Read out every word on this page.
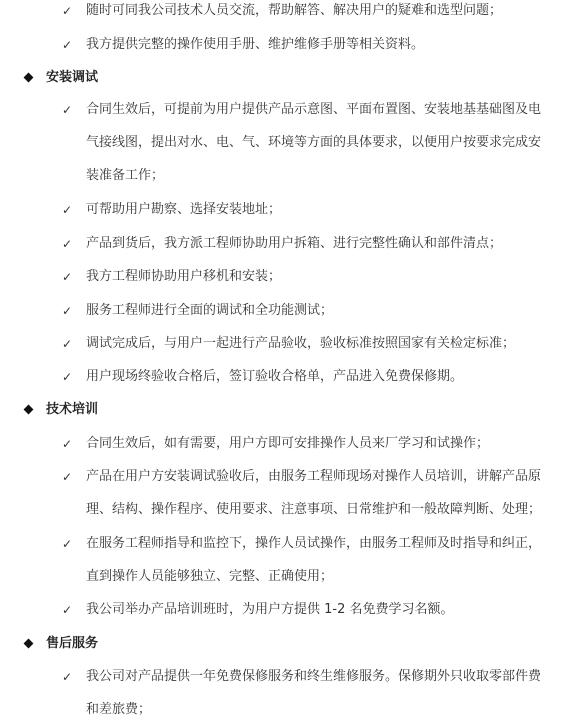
✓ 随时可同我公司技术人员交流，帮助解答、解决用户的疑难和选型问题；
✓ 我方提供完整的操作使用手册、维护维修手册等相关资料。
安装调试
✓ 合同生效后，可提前为用户提供产品示意图、平面布置图、安装地基基础图及电
气接线图，提出对水、电、气、环境等方面的具体要求，以便用户按要求完成安
装准备工作；
✓ 可帮助用户勘察、选择安装地址；
✓ 产品到货后，我方派工程师协助用户拆箱、进行完整性确认和部件清点；
✓ 我方工程师协助用户移机和安装；
✓ 服务工程师进行全面的调试和全功能测试；
✓ 调试完成后，与用户一起进行产品验收，验收标准按照国家有关检定标准；
✓ 用户现场终验收合格后，签订验收合格单，产品进入免费保修期。
技术培训
✓ 合同生效后，如有需要，用户方即可安排操作人员来厂学习和试操作；
✓ 产品在用户方安装调试验收后，由服务工程师现场对操作人员培训，讲解产品原
理、结构、操作程序、使用要求、注意事项、日常维护和一般故障判断、处理；
✓ 在服务工程师指导和监控下，操作人员试操作，由服务工程师及时指导和纠正，
直到操作人员能够独立、完整、正确使用；
✓ 我公司举办产品培训班时，为用户方提供 1-2 名免费学习名额。
售后服务
✓ 我公司对产品提供一年免费保修服务和终生维修服务。保修期外只收取零部件费
和差旅费；
